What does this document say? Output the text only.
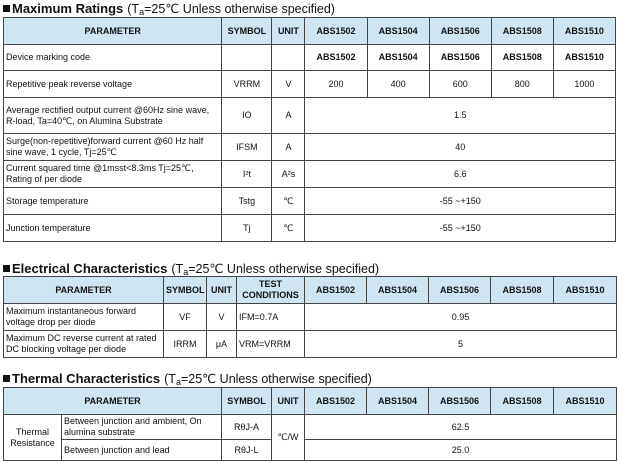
Maximum Ratings ($T_a=25℃$ Unless otherwise specified)
PARAMETER	SYMBOL	UNIT	ABS1502	ABS1504	ABS1506	ABS1508	ABS1510
Device marking code			ABS1502	ABS1504	ABS1506	ABS1508	ABS1510
Repetitive peak reverse voltage	VRRM	V	200	400	600	800	1000
Average rectified output current @60Hz sine wave, R-load, Ta=40℃, on Alumina Substrate	IO	A	1.5				
Surge(non-repetitive)forward current @60 Hz half sine wave, 1 cycle, Tj=25℃	IFSM	A	40				
Current squared time @1msst<8.3ms Tj=25℃, Rating of per diode	I²t	A²s	6.6				
Storage temperature	Tstg	℃	-55 ~+150				
Junction temperature	Tj	℃	-55 ~+150				
Electrical Characteristics ($T_a=25℃$ Unless otherwise specified)
PARAMETER	SYMBOL	UNIT	TEST CONDITIONS	ABS1502	ABS1504	ABS1506	ABS1508	ABS1510
Maximum instantaneous forward voltage drop per diode	VF	V	IFM=0.7A	0.95				
Maximum DC reverse current at rated DC blocking voltage per diode	IRRM	μA	VRM=VRRM	5				
Thermal Characteristics ($T_a=25℃$ Unless otherwise specified)
PARAMETER		SYMBOL	UNIT	ABS1502	ABS1504	ABS1506	ABS1508	ABS1510
Thermal Resistance	Between junction and ambient, On alumina substrate	RθJ-A	℃/W	62.5				
	Between junction and lead	RθJ-L		25.0				
